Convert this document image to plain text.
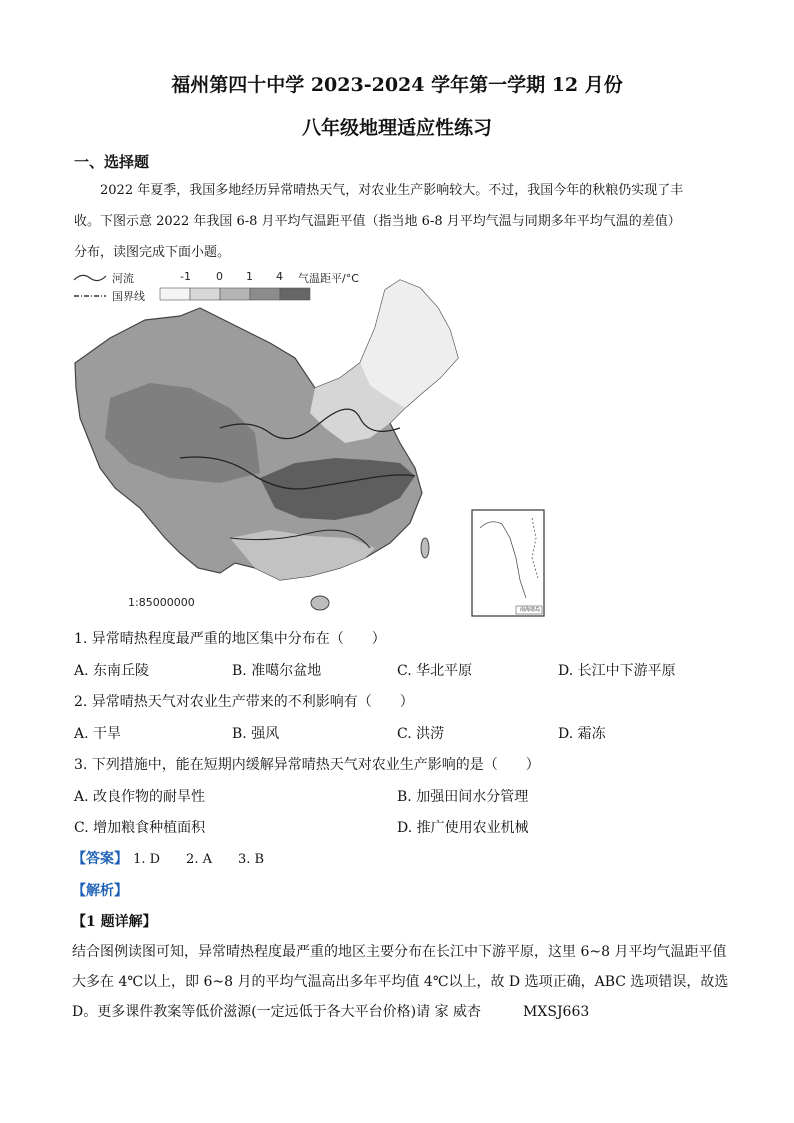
福州第四十中学 2023-2024 学年第一学期 12 月份
八年级地理适应性练习
一、选择题
2022 年夏季，我国多地经历异常晴热天气，对农业生产影响较大。不过，我国今年的秋粮仍实现了丰
收。下图示意 2022 年我国 6-8 月平均气温距平值（指当地 6-8 月平均气温与同期多年平均气温的差值）
分布，读图完成下面小题。
河流
国界线
-1 0 1 4 气温距平/°C
1:85000000
南海诸岛
1. 异常晴热程度最严重的地区集中分布在（　　）
A. 东南丘陵	B. 准噶尔盆地	C. 华北平原	D. 长江中下游平原
2. 异常晴热天气对农业生产带来的不利影响有（　　）
A. 干旱	B. 强风	C. 洪涝	D. 霜冻
3. 下列措施中，能在短期内缓解异常晴热天气对农业生产影响的是（　　）
A. 改良作物的耐旱性	B. 加强田间水分管理
C. 增加粮食种植面积	D. 推广使用农业机械
【答案】 1. D　　2. A　　3. B
【解析】
【1 题详解】
结合图例读图可知，异常晴热程度最严重的地区主要分布在长江中下游平原，这里 6~8 月平均气温距平值
大多在 4℃以上，即 6~8 月的平均气温高出多年平均值 4℃以上，故 D 选项正确，ABC 选项错误，故选
D。更多课件教案等低价滋源(一定远低于各大平台价格)请 家 威杏　　　MXSJ663
